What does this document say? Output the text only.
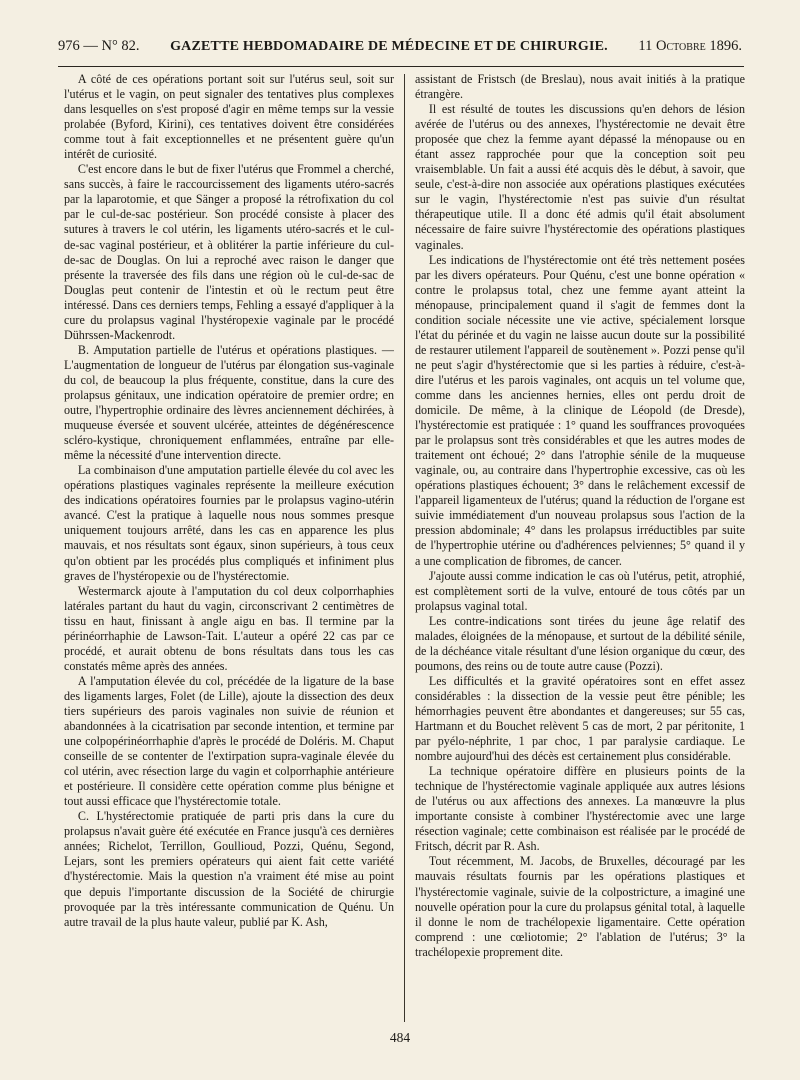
976 — N° 82. GAZETTE HEBDOMADAIRE DE MÉDECINE ET DE CHIRURGIE. 11 Octobre 1896.

A côté de ces opérations portant soit sur l'utérus seul, soit sur l'utérus et le vagin, on peut signaler des tentatives plus complexes dans lesquelles on s'est proposé d'agir en même temps sur la vessie prolabée (Byford, Kirini), ces tentatives doivent être considérées comme tout à fait exceptionnelles et ne présentent guère qu'un intérêt de curiosité.

C'est encore dans le but de fixer l'utérus que Frommel a cherché, sans succès, à faire le raccourcissement des ligaments utéro-sacrés par la laparotomie, et que Sänger a proposé la rétrofixation du col par le cul-de-sac postérieur. Son procédé consiste à placer des sutures à travers le col utérin, les ligaments utéro-sacrés et le cul-de-sac vaginal postérieur, et à oblitérer la partie inférieure du cul-de-sac de Douglas. On lui a reproché avec raison le danger que présente la traversée des fils dans une région où le cul-de-sac de Douglas peut contenir de l'intestin et où le rectum peut être intéressé. Dans ces derniers temps, Fehling a essayé d'appliquer à la cure du prolapsus vaginal l'hystéropexie vaginale par le procédé Dührssen-Mackenrodt.

B. Amputation partielle de l'utérus et opérations plastiques. — L'augmentation de longueur de l'utérus par élongation sus-vaginale du col, de beaucoup la plus fréquente, constitue, dans la cure des prolapsus génitaux, une indication opératoire de premier ordre; en outre, l'hypertrophie ordinaire des lèvres anciennement déchirées, à muqueuse éversée et souvent ulcérée, atteintes de dégénérescence scléro-kystique, chroniquement enflammées, entraîne par elle-même la nécessité d'une intervention directe.

La combinaison d'une amputation partielle élevée du col avec les opérations plastiques vaginales représente la meilleure exécution des indications opératoires fournies par le prolapsus vagino-utérin avancé. C'est la pratique à laquelle nous nous sommes presque uniquement toujours arrêté, dans les cas en apparence les plus mauvais, et nos résultats sont égaux, sinon supérieurs, à tous ceux qu'on obtient par les procédés plus compliqués et infiniment plus graves de l'hystéropexie ou de l'hystérectomie.

Westermarck ajoute à l'amputation du col deux colporrhaphies latérales partant du haut du vagin, circonscrivant 2 centimètres de tissu en haut, finissant à angle aigu en bas. Il termine par la périnéorrhaphie de Lawson-Tait. L'auteur a opéré 22 cas par ce procédé, et aurait obtenu de bons résultats dans tous les cas constatés même après des années.

A l'amputation élevée du col, précédée de la ligature de la base des ligaments larges, Folet (de Lille), ajoute la dissection des deux tiers supérieurs des parois vaginales non suivie de réunion et abandonnées à la cicatrisation par seconde intention, et termine par une colpopérinéorrhaphie d'après le procédé de Doléris. M. Chaput conseille de se contenter de l'extirpation supra-vaginale élevée du col utérin, avec résection large du vagin et colporrhaphie antérieure et postérieure. Il considère cette opération comme plus bénigne et tout aussi efficace que l'hystérectomie totale.

C. L'hystérectomie pratiquée de parti pris dans la cure du prolapsus n'avait guère été exécutée en France jusqu'à ces dernières années; Richelot, Terrillon, Goullioud, Pozzi, Quénu, Segond, Lejars, sont les premiers opérateurs qui aient fait cette variété d'hystérectomie. Mais la question n'a vraiment été mise au point que depuis l'importante discussion de la Société de chirurgie provoquée par la très intéressante communication de Quénu. Un autre travail de la plus haute valeur, publié par K. Ash,

assistant de Fristsch (de Breslau), nous avait initiés à la pratique étrangère.

Il est résulté de toutes les discussions qu'en dehors de lésion avérée de l'utérus ou des annexes, l'hystérectomie ne devait être proposée que chez la femme ayant dépassé la ménopause ou en étant assez rapprochée pour que la conception soit peu vraisemblable. Un fait a aussi été acquis dès le début, à savoir, que seule, c'est-à-dire non associée aux opérations plastiques exécutées sur le vagin, l'hystérectomie n'est pas suivie d'un résultat thérapeutique utile. Il a donc été admis qu'il était absolument nécessaire de faire suivre l'hystérectomie des opérations plastiques vaginales.

Les indications de l'hystérectomie ont été très nettement posées par les divers opérateurs. Pour Quénu, c'est une bonne opération « contre le prolapsus total, chez une femme ayant atteint la ménopause, principalement quand il s'agit de femmes dont la condition sociale nécessite une vie active, spécialement lorsque l'état du périnée et du vagin ne laisse aucun doute sur la possibilité de restaurer utilement l'appareil de soutènement ». Pozzi pense qu'il ne peut s'agir d'hystérectomie que si les parties à réduire, c'est-à-dire l'utérus et les parois vaginales, ont acquis un tel volume que, comme dans les anciennes hernies, elles ont perdu droit de domicile. De même, à la clinique de Léopold (de Dresde), l'hystérectomie est pratiquée : 1° quand les souffrances provoquées par le prolapsus sont très considérables et que les autres modes de traitement ont échoué; 2° dans l'atrophie sénile de la muqueuse vaginale, ou, au contraire dans l'hypertrophie excessive, cas où les opérations plastiques échouent; 3° dans le relâchement excessif de l'appareil ligamenteux de l'utérus; quand la réduction de l'organe est suivie immédiatement d'un nouveau prolapsus sous l'action de la pression abdominale; 4° dans les prolapsus irréductibles par suite de l'hypertrophie utérine ou d'adhérences pelviennes; 5° quand il y a une complication de fibromes, de cancer.

J'ajoute aussi comme indication le cas où l'utérus, petit, atrophié, est complètement sorti de la vulve, entouré de tous côtés par un prolapsus vaginal total.

Les contre-indications sont tirées du jeune âge relatif des malades, éloignées de la ménopause, et surtout de la débilité sénile, de la déchéance vitale résultant d'une lésion organique du cœur, des poumons, des reins ou de toute autre cause (Pozzi).

Les difficultés et la gravité opératoires sont en effet assez considérables : la dissection de la vessie peut être pénible; les hémorrhagies peuvent être abondantes et dangereuses; sur 55 cas, Hartmann et du Bouchet relèvent 5 cas de mort, 2 par péritonite, 1 par pyélo-néphrite, 1 par choc, 1 par paralysie cardiaque. Le nombre aujourd'hui des décès est certainement plus considérable.

La technique opératoire diffère en plusieurs points de la technique de l'hystérectomie vaginale appliquée aux autres lésions de l'utérus ou aux affections des annexes. La manœuvre la plus importante consiste à combiner l'hystérectomie avec une large résection vaginale; cette combinaison est réalisée par le procédé de Fritsch, décrit par R. Ash.

Tout récemment, M. Jacobs, de Bruxelles, découragé par les mauvais résultats fournis par les opérations plastiques et l'hystérectomie vaginale, suivie de la colpostricture, a imaginé une nouvelle opération pour la cure du prolapsus génital total, à laquelle il donne le nom de trachélopexie ligamentaire. Cette opération comprend : une cœliotomie; 2° l'ablation de l'utérus; 3° la trachélopexie proprement dite.

484
